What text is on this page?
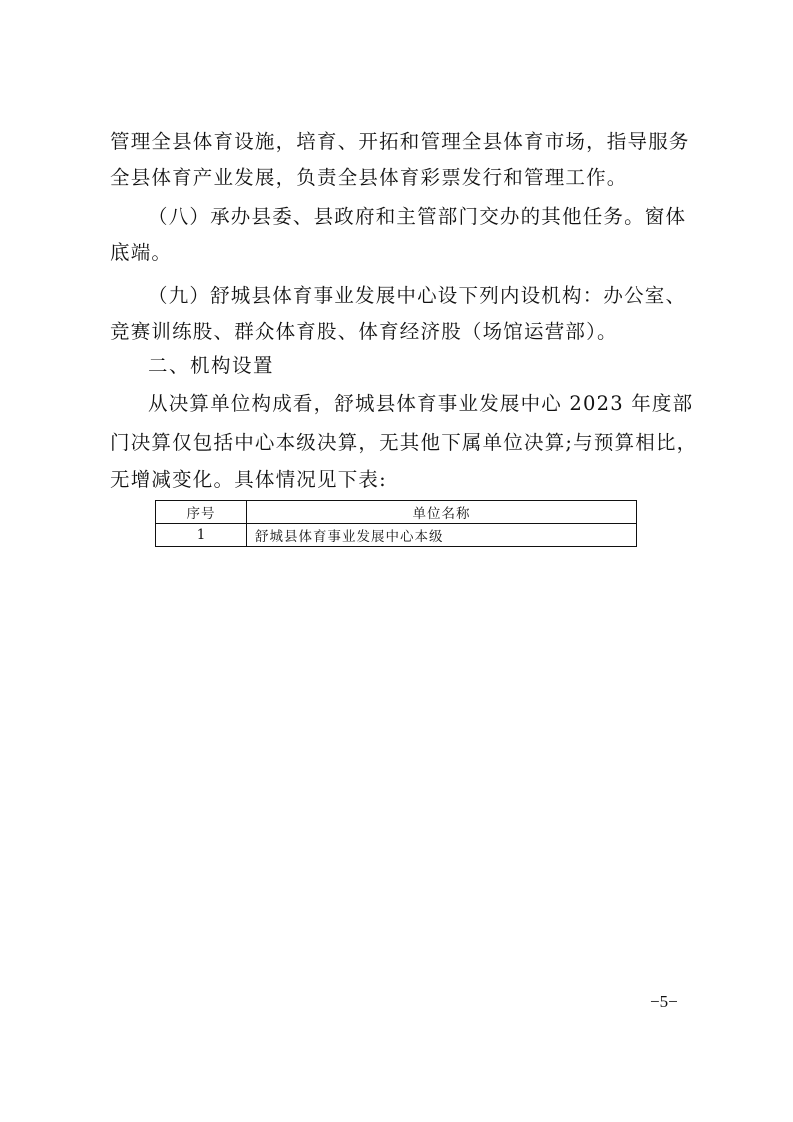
管理全县体育设施，培育、开拓和管理全县体育市场，指导服务
全县体育产业发展，负责全县体育彩票发行和管理工作。
（八）承办县委、县政府和主管部门交办的其他任务。窗体
底端。
（九）舒城县体育事业发展中心设下列内设机构：办公室、
竞赛训练股、群众体育股、体育经济股（场馆运营部）。
二、机构设置
从决算单位构成看，舒城县体育事业发展中心 2023 年度部
门决算仅包括中心本级决算，无其他下属单位决算;与预算相比，
无增减变化。具体情况见下表:
序号	单位名称
1	舒城县体育事业发展中心本级
−5−
